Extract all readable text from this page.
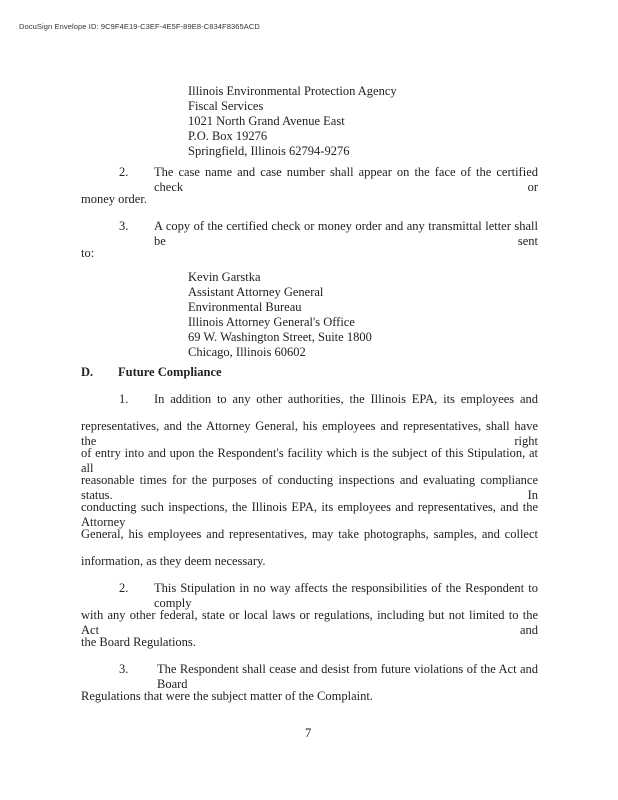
DocuSign Envelope ID: 9C9F4E19-C3EF-4E5F-89E8-C834F8365ACD
Illinois Environmental Protection Agency
Fiscal Services
1021 North Grand Avenue East
P.O. Box 19276
Springfield, Illinois 62794-9276
2. The case name and case number shall appear on the face of the certified check or
money order.
3. A copy of the certified check or money order and any transmittal letter shall be sent
to:
Kevin Garstka
Assistant Attorney General
Environmental Bureau
Illinois Attorney General's Office
69 W. Washington Street, Suite 1800
Chicago, Illinois 60602
D. Future Compliance
1. In addition to any other authorities, the Illinois EPA, its employees and
representatives, and the Attorney General, his employees and representatives, shall have the right
of entry into and upon the Respondent's facility which is the subject of this Stipulation, at all
reasonable times for the purposes of conducting inspections and evaluating compliance status. In
conducting such inspections, the Illinois EPA, its employees and representatives, and the Attorney
General, his employees and representatives, may take photographs, samples, and collect
information, as they deem necessary.
2. This Stipulation in no way affects the responsibilities of the Respondent to comply
with any other federal, state or local laws or regulations, including but not limited to the Act and
the Board Regulations.
3. The Respondent shall cease and desist from future violations of the Act and Board
Regulations that were the subject matter of the Complaint.
7
